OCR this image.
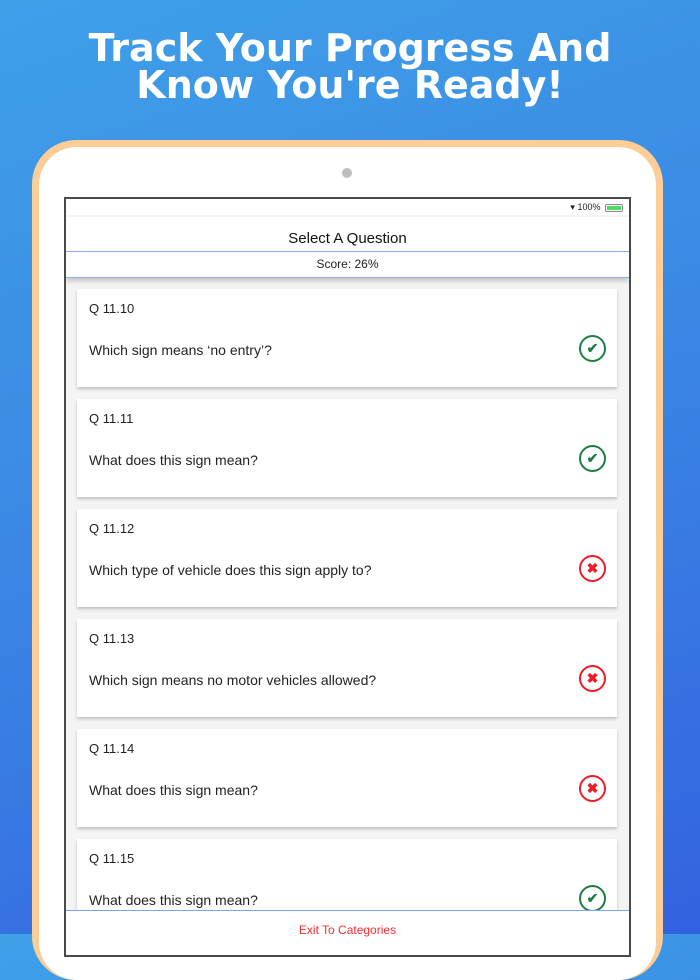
Track Your Progress And
Know You're Ready!
▾ 100%
Select A Question
Score: 26%
Q 11.10
Which sign means ‘no entry’?	✔
Q 11.11
What does this sign mean?	✔
Q 11.12
Which type of vehicle does this sign apply to?	✖
Q 11.13
Which sign means no motor vehicles allowed?	✖
Q 11.14
What does this sign mean?	✖
Q 11.15
What does this sign mean?	✔
Exit To Categories
